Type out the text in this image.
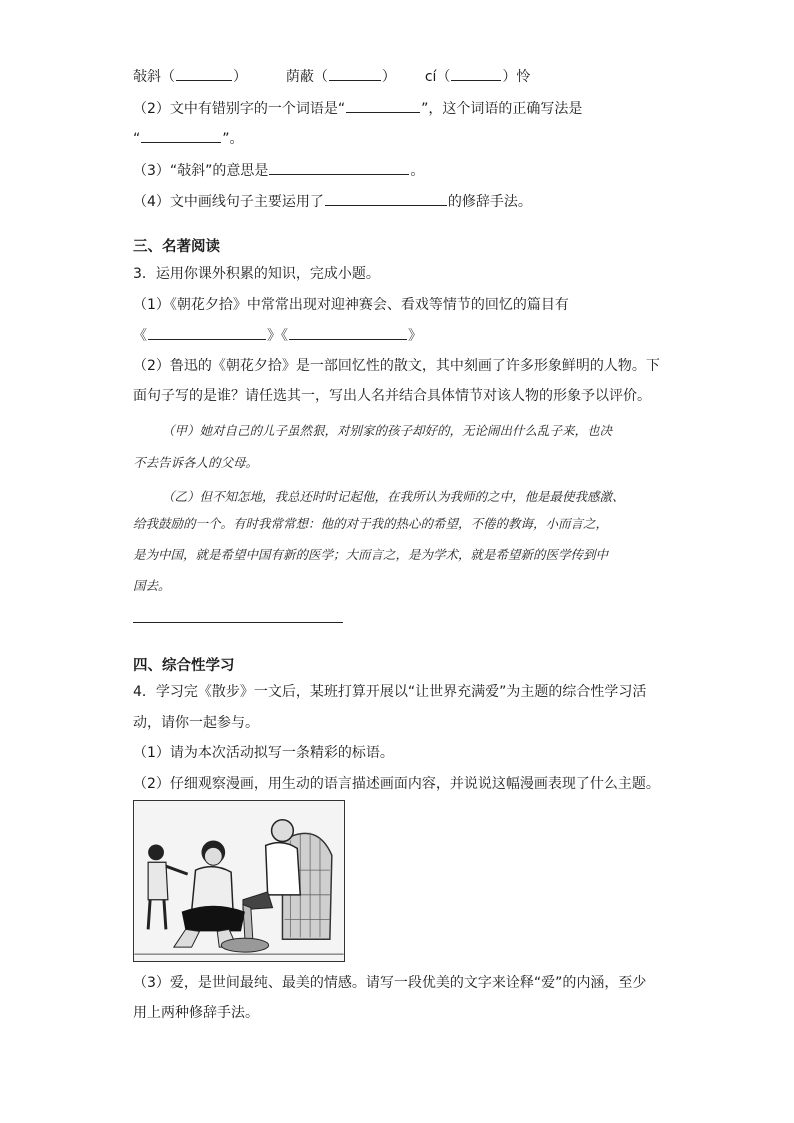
敧斜（	）	荫蔽（	） cí（	）怜
（2）文中有错别字的一个词语是“	”，这个词语的正确写法是
“	”。
（3）“敧斜”的意思是	。
（4）文中画线句子主要运用了	的修辞手法。
三、名著阅读
3．运用你课外积累的知识，完成小题。
（1）《朝花夕拾》中常常出现对迎神赛会、看戏等情节的回忆的篇目有
《	》《	》
（2）鲁迅的《朝花夕拾》是一部回忆性的散文，其中刻画了许多形象鲜明的人物。下
面句子写的是谁？请任选其一，写出人名并结合具体情节对该人物的形象予以评价。
（甲）她对自己的儿子虽然狠，对别家的孩子却好的，无论闹出什么乱子来，也决
不去告诉各人的父母。
（乙）但不知怎地，我总还时时记起他，在我所认为我师的之中，他是最使我感激、
给我鼓励的一个。有时我常常想：他的对于我的热心的希望，不倦的教诲，小而言之，
是为中国，就是希望中国有新的医学；大而言之，是为学术，就是希望新的医学传到中
国去。
四、综合性学习
4．学习完《散步》一文后，某班打算开展以“让世界充满爱”为主题的综合性学习活
动，请你一起参与。
（1）请为本次活动拟写一条精彩的标语。
（2）仔细观察漫画，用生动的语言描述画面内容，并说说这幅漫画表现了什么主题。
（3）爱，是世间最纯、最美的情感。请写一段优美的文字来诠释“爱”的内涵，至少
用上两种修辞手法。
